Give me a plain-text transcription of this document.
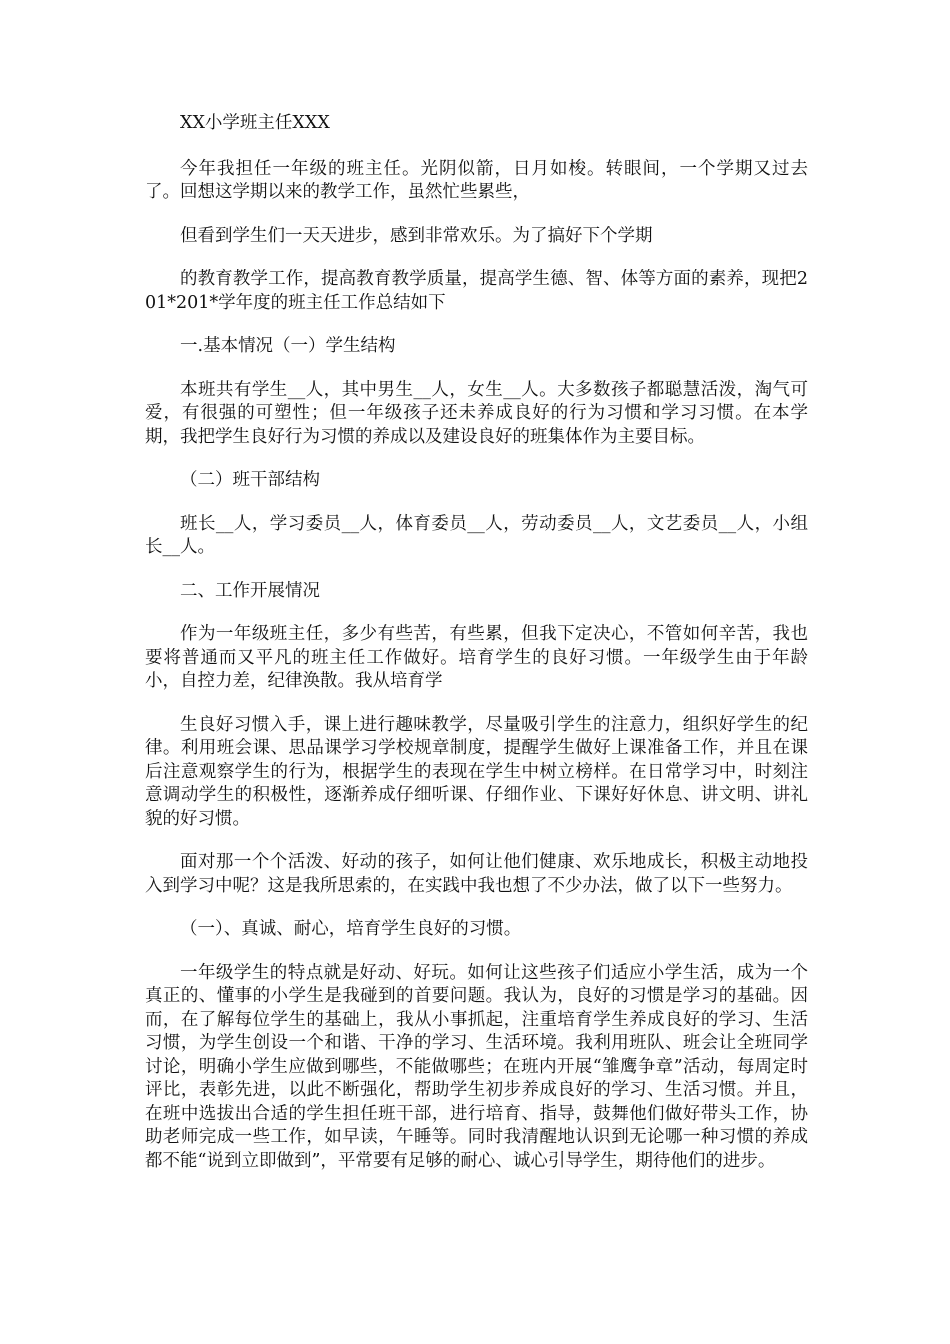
XX小学班主任XXX

今年我担任一年级的班主任。光阴似箭，日月如梭。转眼间，一个学期又过去了。回想这学期以来的教学工作，虽然忙些累些，

但看到学生们一天天进步，感到非常欢乐。为了搞好下个学期

的教育教学工作，提高教育教学质量，提高学生德、智、体等方面的素养，现把201*201*学年度的班主任工作总结如下

一.基本情况（一）学生结构

本班共有学生__人，其中男生__人，女生__人。大多数孩子都聪慧活泼，淘气可爱，有很强的可塑性；但一年级孩子还未养成良好的行为习惯和学习习惯。在本学期，我把学生良好行为习惯的养成以及建设良好的班集体作为主要目标。

（二）班干部结构

班长__人，学习委员__人，体育委员__人，劳动委员__人，文艺委员__人，小组长__人。

二、工作开展情况

作为一年级班主任，多少有些苦，有些累，但我下定决心，不管如何辛苦，我也要将普通而又平凡的班主任工作做好。培育学生的良好习惯。一年级学生由于年龄小，自控力差，纪律涣散。我从培育学

生良好习惯入手，课上进行趣味教学，尽量吸引学生的注意力，组织好学生的纪律。利用班会课、思品课学习学校规章制度，提醒学生做好上课准备工作，并且在课后注意观察学生的行为，根据学生的表现在学生中树立榜样。在日常学习中，时刻注意调动学生的积极性，逐渐养成仔细听课、仔细作业、下课好好休息、讲文明、讲礼貌的好习惯。

面对那一个个活泼、好动的孩子，如何让他们健康、欢乐地成长，积极主动地投入到学习中呢？这是我所思索的，在实践中我也想了不少办法，做了以下一些努力。

（一）、真诚、耐心，培育学生良好的习惯。

一年级学生的特点就是好动、好玩。如何让这些孩子们适应小学生活，成为一个真正的、懂事的小学生是我碰到的首要问题。我认为，良好的习惯是学习的基础。因而，在了解每位学生的基础上，我从小事抓起，注重培育学生养成良好的学习、生活习惯，为学生创设一个和谐、干净的学习、生活环境。我利用班队、班会让全班同学讨论，明确小学生应做到哪些，不能做哪些；在班内开展“雏鹰争章”活动，每周定时评比，表彰先进，以此不断强化，帮助学生初步养成良好的学习、生活习惯。并且，在班中选拔出合适的学生担任班干部，进行培育、指导，鼓舞他们做好带头工作，协助老师完成一些工作，如早读，午睡等。同时我清醒地认识到无论哪一种习惯的养成都不能“说到立即做到”，平常要有足够的耐心、诚心引导学生，期待他们的进步。
